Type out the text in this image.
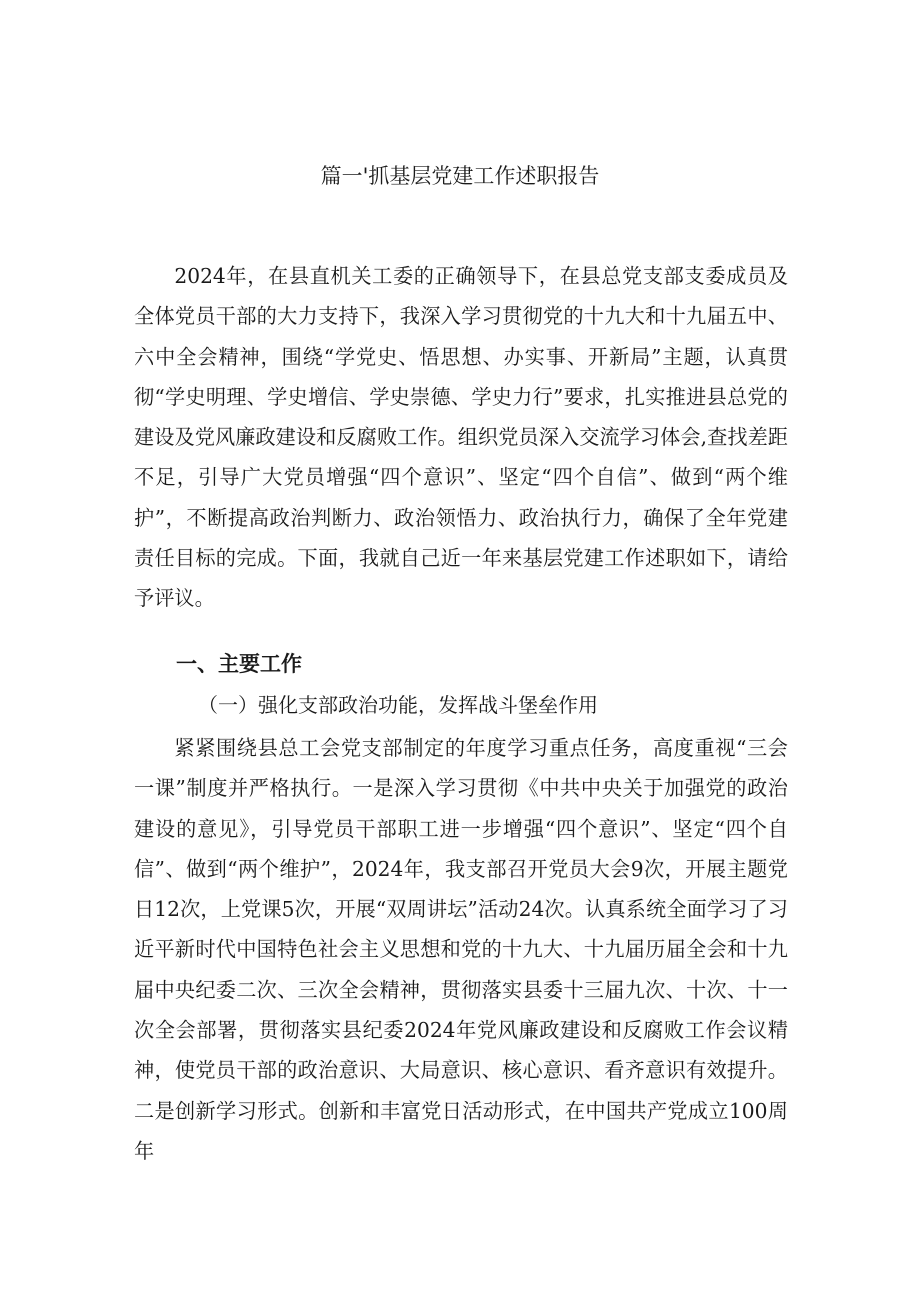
篇一'抓基层党建工作述职报告

2024年，在县直机关工委的正确领导下，在县总党支部支委成员及全体党员干部的大力支持下，我深入学习贯彻党的十九大和十九届五中、六中全会精神，围绕“学党史、悟思想、办实事、开新局”主题，认真贯彻“学史明理、学史增信、学史崇德、学史力行”要求，扎实推进县总党的建设及党风廉政建设和反腐败工作。组织党员深入交流学习体会,查找差距不足，引导广大党员增强“四个意识”、坚定“四个自信”、做到“两个维护”，不断提高政治判断力、政治领悟力、政治执行力，确保了全年党建责任目标的完成。下面，我就自己近一年来基层党建工作述职如下，请给予评议。

一、主要工作
（一）强化支部政治功能，发挥战斗堡垒作用

紧紧围绕县总工会党支部制定的年度学习重点任务，高度重视“三会一课”制度并严格执行。一是深入学习贯彻《中共中央关于加强党的政治建设的意见》，引导党员干部职工进一步增强“四个意识”、坚定“四个自信”、做到“两个维护”，2024年，我支部召开党员大会9次，开展主题党日12次，上党课5次，开展“双周讲坛”活动24次。认真系统全面学习了习近平新时代中国特色社会主义思想和党的十九大、十九届历届全会和十九届中央纪委二次、三次全会精神，贯彻落实县委十三届九次、十次、十一次全会部署，贯彻落实县纪委2024年党风廉政建设和反腐败工作会议精神，使党员干部的政治意识、大局意识、核心意识、看齐意识有效提升。二是创新学习形式。创新和丰富党日活动形式，在中国共产党成立100周年
